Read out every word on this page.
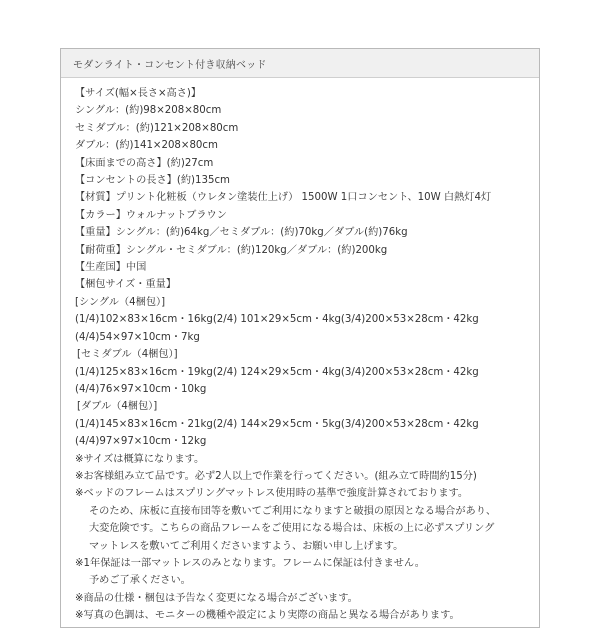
モダンライト・コンセント付き収納ベッド
【サイズ(幅×長さ×高さ)】
シングル：(約)98×208×80cm
セミダブル：(約)121×208×80cm
ダブル：(約)141×208×80cm
【床面までの高さ】(約)27cm
【コンセントの長さ】(約)135cm
【材質】プリント化粧板（ウレタン塗装仕上げ） 1500W 1口コンセント、10W 白熱灯4灯
【カラー】ウォルナットブラウン
【重量】シングル：(約)64kg／セミダブル：(約)70kg／ダブル(約)76kg
【耐荷重】シングル・セミダブル：(約)120kg／ダブル：(約)200kg
【生産国】中国
【梱包サイズ・重量】
[シングル（4梱包）]
(1/4)102×83×16cm・16kg(2/4) 101×29×5cm・4kg(3/4)200×53×28cm・42kg
(4/4)54×97×10cm・7kg
[セミダブル（4梱包）]
(1/4)125×83×16cm・19kg(2/4) 124×29×5cm・4kg(3/4)200×53×28cm・42kg
(4/4)76×97×10cm・10kg
[ダブル（4梱包）]
(1/4)145×83×16cm・21kg(2/4) 144×29×5cm・5kg(3/4)200×53×28cm・42kg
(4/4)97×97×10cm・12kg
※サイズは概算になります。
※お客様組み立て品です。必ず2人以上で作業を行ってください。(組み立て時間約15分)
※ベッドのフレームはスプリングマットレス使用時の基準で強度計算されております。
そのため、床板に直接布団等を敷いてご利用になりますと破損の原因となる場合があり、
大変危険です。こちらの商品フレームをご使用になる場合は、床板の上に必ずスプリング
マットレスを敷いてご利用くださいますよう、お願い申し上げます。
※1年保証は一部マットレスのみとなります。フレームに保証は付きません。
予めご了承ください。
※商品の仕様・梱包は予告なく変更になる場合がございます。
※写真の色調は、モニターの機種や設定により実際の商品と異なる場合があります。
